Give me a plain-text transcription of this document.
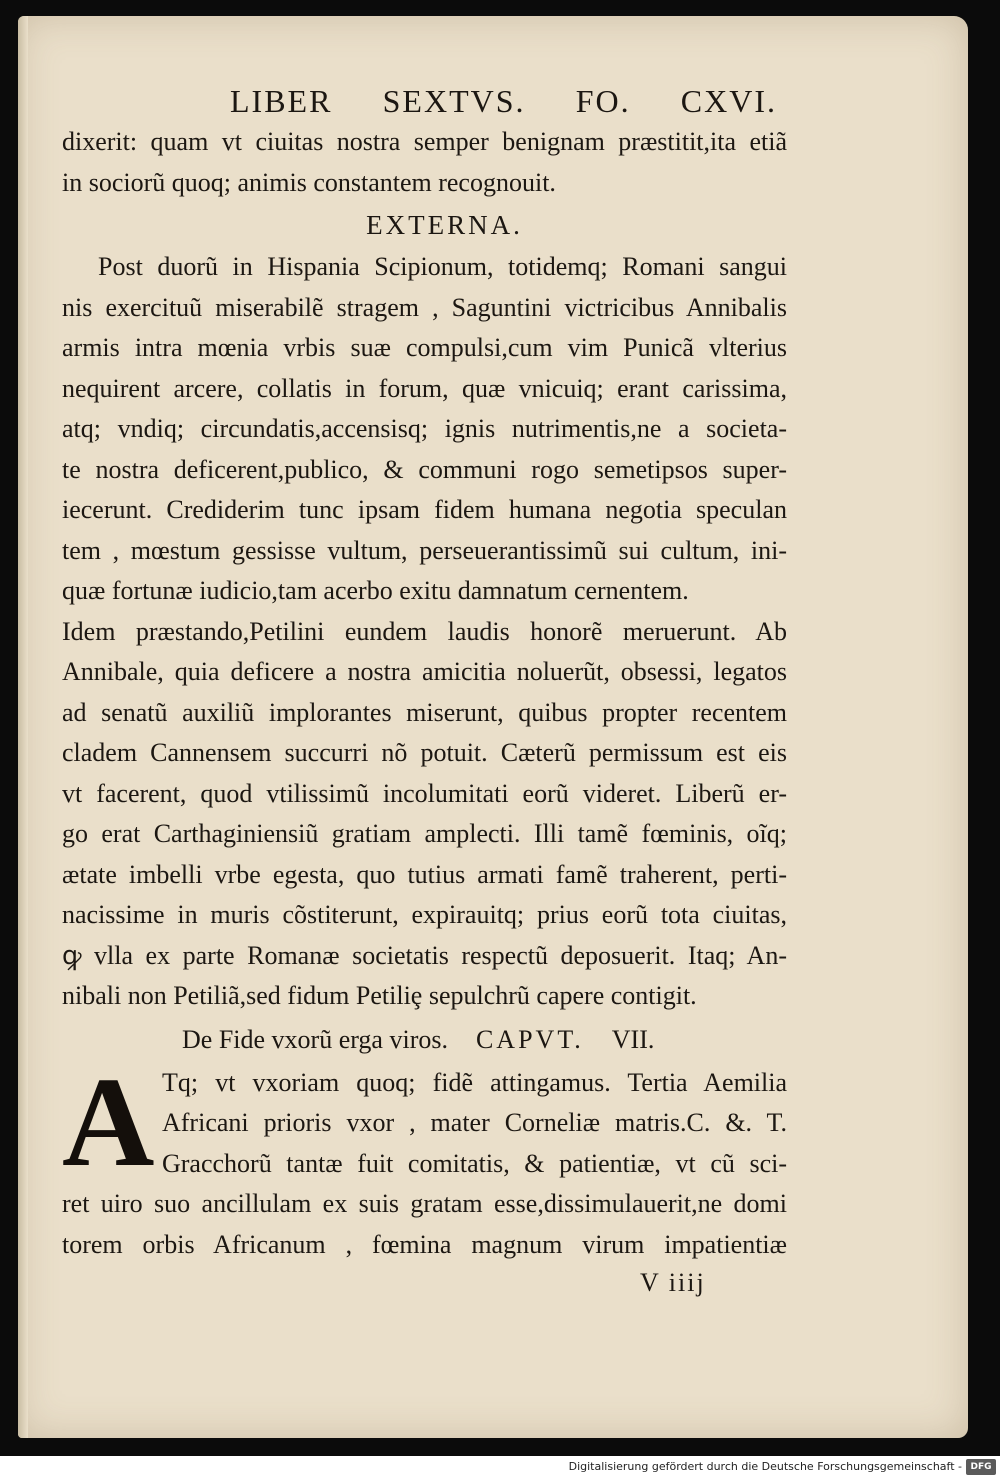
LIBER SEXTVS. FO. CXVI.
dixerit: quam vt ciuitas nostra semper benignam præstitit,ita etiã
in sociorũ quoq; animis constantem recognouit.
EXTERNA.
Post duorũ in Hispania Scipionum, totidemq; Romani sangui
nis exercituũ miserabilẽ stragem , Saguntini victricibus Annibalis
armis intra mœnia vrbis suæ compulsi,cum vim Punicã vlterius
nequirent arcere, collatis in forum, quæ vnicuiq; erant carissima,
atq; vndiq; circundatis,accensisq; ignis nutrimentis,ne a societa-
te nostra deficerent,publico, & communi rogo semetipsos super-
iecerunt. Crediderim tunc ipsam fidem humana negotia speculan
tem , mœstum gessisse vultum, perseuerantissimũ sui cultum, ini-
quæ fortunæ iudicio,tam acerbo exitu damnatum cernentem.
Idem præstando,Petilini eundem laudis honorẽ meruerunt. Ab
Annibale, quia deficere a nostra amicitia noluerũt, obsessi, legatos
ad senatũ auxiliũ implorantes miserunt, quibus propter recentem
cladem Cannensem succurri nõ potuit. Cæterũ permissum est eis
vt facerent, quod vtilissimũ incolumitati eorũ videret. Liberũ er-
go erat Carthaginiensiũ gratiam amplecti. Illi tamẽ fœminis, oĩq;
ætate imbelli vrbe egesta, quo tutius armati famẽ traherent, perti-
nacissime in muris cõstiterunt, expirauitq; prius eorũ tota ciuitas,
ꝙ vlla ex parte Romanæ societatis respectũ deposuerit. Itaq; An-
nibali non Petiliã,sed fidum Petiliȩ sepulchrũ capere contigit.
De Fide vxorũ erga viros. CAPVT. VII.
A Tq; vt vxoriam quoq; fidẽ attingamus. Tertia Aemilia
Africani prioris vxor , mater Corneliæ matris.C. &. T.
Gracchorũ tantæ fuit comitatis, & patientiæ, vt cũ sci-
ret uiro suo ancillulam ex suis gratam esse,dissimulauerit,ne domi
torem orbis Africanum , fœmina magnum virum impatientiæ
V iiij
Digitalisierung gefördert durch die Deutsche Forschungsgemeinschaft - DFG
